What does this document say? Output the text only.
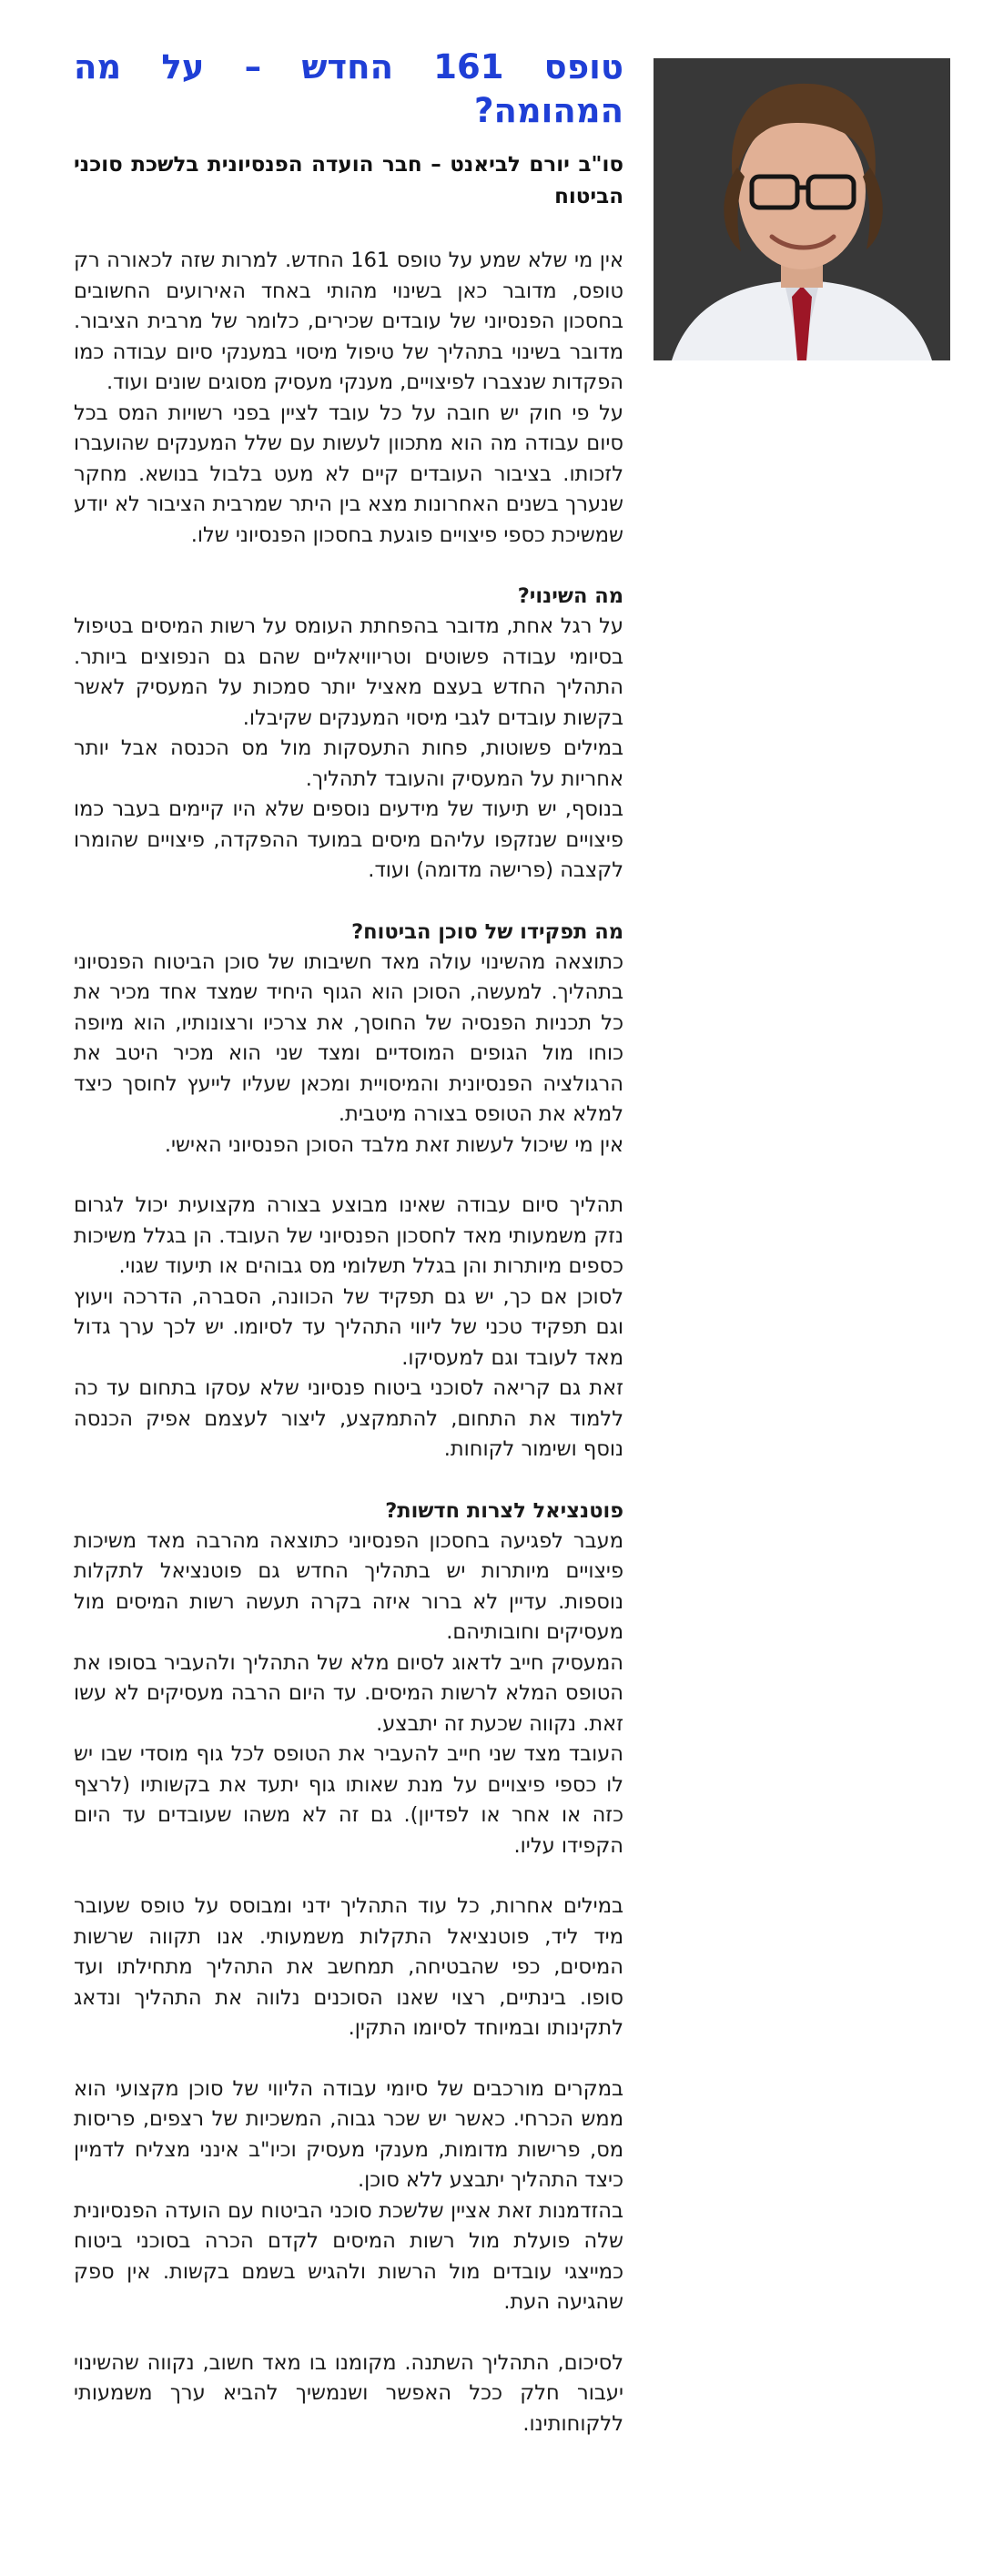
טופס 161 החדש – על מה המהומה?

סו"ב יורם לביאנט – חבר הועדה הפנסיונית בלשכת סוכני הביטוח

אין מי שלא שמע על טופס 161 החדש. למרות שזה לכאורה רק טופס, מדובר כאן בשינוי מהותי באחד האירועים החשובים בחסכון הפנסיוני של עובדים שכירים, כלומר של מרבית הציבור. מדובר בשינוי בתהליך של טיפול מיסוי במענקי סיום עבודה כמו הפקדות שנצברו לפיצויים, מענקי מעסיק מסוגים שונים ועוד.

על פי חוק יש חובה על כל עובד לציין בפני רשויות המס בכל סיום עבודה מה הוא מתכוון לעשות עם שלל המענקים שהועברו לזכותו. בציבור העובדים קיים לא מעט בלבול בנושא. מחקר שנערך בשנים האחרונות מצא בין היתר שמרבית הציבור לא יודע שמשיכת כספי פיצויים פוגעת בחסכון הפנסיוני שלו.

מה השינוי?

על רגל אחת, מדובר בהפחתת העומס על רשות המיסים בטיפול בסיומי עבודה פשוטים וטריוויאליים שהם גם הנפוצים ביותר. התהליך החדש בעצם מאציל יותר סמכות על המעסיק לאשר בקשות עובדים לגבי מיסוי המענקים שקיבלו.

במילים פשוטות, פחות התעסקות מול מס הכנסה אבל יותר אחריות על המעסיק והעובד לתהליך.

בנוסף, יש תיעוד של מידעים נוספים שלא היו קיימים בעבר כמו פיצויים שנזקפו עליהם מיסים במועד ההפקדה, פיצויים שהומרו לקצבה (פרישה מדומה) ועוד.

מה תפקידו של סוכן הביטוח?

כתוצאה מהשינוי עולה מאד חשיבותו של סוכן הביטוח הפנסיוני בתהליך. למעשה, הסוכן הוא הגוף היחיד שמצד אחד מכיר את כל תכניות הפנסיה של החוסך, את צרכיו ורצונותיו, הוא מיופה כוחו מול הגופים המוסדיים ומצד שני הוא מכיר היטב את הרגולציה הפנסיונית והמיסויית ומכאן שעליו לייעץ לחוסך כיצד למלא את הטופס בצורה מיטבית.

אין מי שיכול לעשות זאת מלבד הסוכן הפנסיוני האישי.

תהליך סיום עבודה שאינו מבוצע בצורה מקצועית יכול לגרום נזק משמעותי מאד לחסכון הפנסיוני של העובד. הן בגלל משיכות כספים מיותרות והן בגלל תשלומי מס גבוהים או תיעוד שגוי.

לסוכן אם כך, יש גם תפקיד של הכוונה, הסברה, הדרכה ויעוץ וגם תפקיד טכני של ליווי התהליך עד לסיומו. יש לכך ערך גדול מאד לעובד וגם למעסיקו.

זאת גם קריאה לסוכני ביטוח פנסיוני שלא עסקו בתחום עד כה ללמוד את התחום, להתמקצע, ליצור לעצמם אפיק הכנסה נוסף ושימור לקוחות.

פוטנציאל לצרות חדשות?

מעבר לפגיעה בחסכון הפנסיוני כתוצאה מהרבה מאד משיכות פיצויים מיותרות יש בתהליך החדש גם פוטנציאל לתקלות נוספות. עדיין לא ברור איזה בקרה תעשה רשות המיסים מול מעסיקים וחובותיהם.

המעסיק חייב לדאוג לסיום מלא של התהליך ולהעביר בסופו את הטופס המלא לרשות המיסים. עד היום הרבה מעסיקים לא עשו זאת. נקווה שכעת זה יתבצע.

העובד מצד שני חייב להעביר את הטופס לכל גוף מוסדי שבו יש לו כספי פיצויים על מנת שאותו גוף יתעד את בקשותיו (לרצף כזה או אחר או לפדיון). גם זה לא משהו שעובדים עד היום הקפידו עליו.

במילים אחרות, כל עוד התהליך ידני ומבוסס על טופס שעובר מיד ליד, פוטנציאל התקלות משמעותי. אנו תקווה שרשות המיסים, כפי שהבטיחה, תמחשב את התהליך מתחילתו ועד סופו. בינתיים, רצוי שאנו הסוכנים נלווה את התהליך ונדאג לתקינותו ובמיוחד לסיומו התקין.

במקרים מורכבים של סיומי עבודה הליווי של סוכן מקצועי הוא ממש הכרחי. כאשר יש שכר גבוה, המשכיות של רצפים, פריסות מס, פרישות מדומות, מענקי מעסיק וכיו"ב אינני מצליח לדמיין כיצד התהליך יתבצע ללא סוכן.

בהזדמנות זאת אציין שלשכת סוכני הביטוח עם הועדה הפנסיונית שלה פועלת מול רשות המיסים לקדם הכרה בסוכני ביטוח כמייצגי עובדים מול הרשות ולהגיש בשמם בקשות. אין ספק שהגיעה העת.

לסיכום, התהליך השתנה. מקומנו בו מאד חשוב, נקווה שהשינוי יעבור חלק ככל האפשר ושנמשיך להביא ערך משמעותי ללקוחותינו.
